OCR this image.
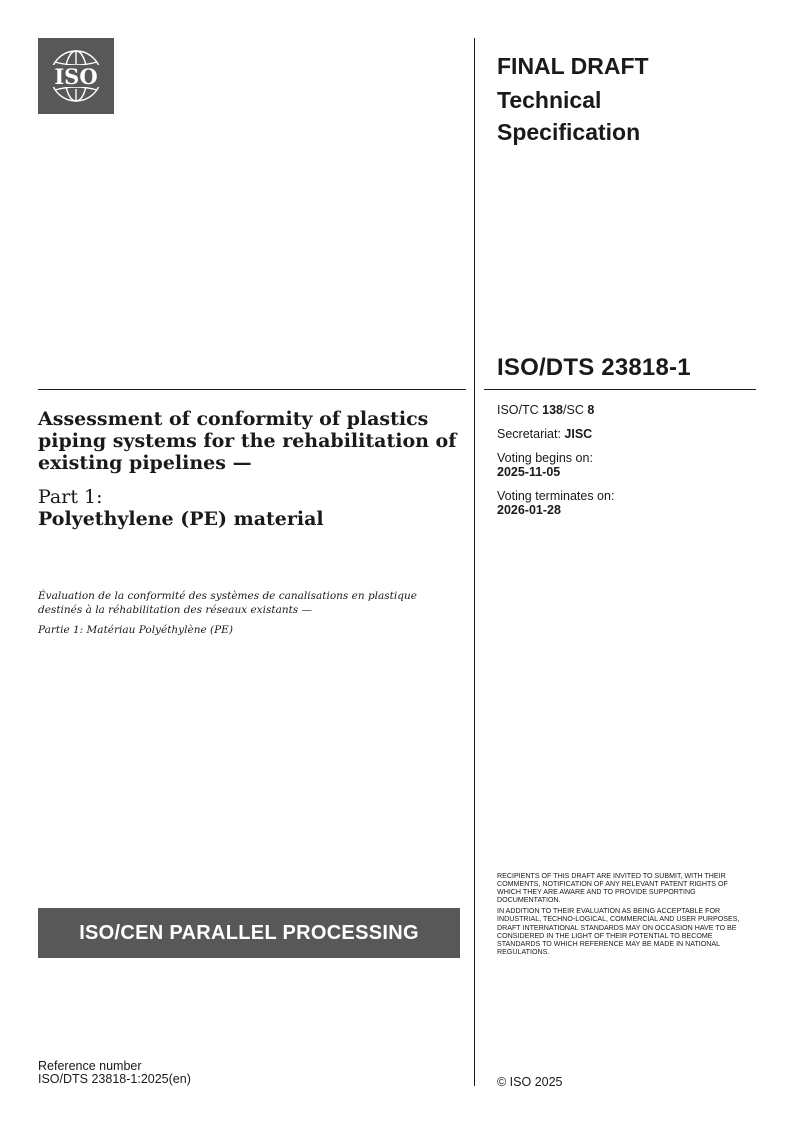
ISO	FINAL DRAFT
Technical
Specification
ISO/DTS 23818-1
ISO/TC 138/SC 8
Secretariat: JISC
Voting begins on:
2025-11-05
Voting terminates on:
2026-01-28
Assessment of conformity of plastics piping systems for the rehabilitation of existing pipelines —
Part 1:
Polyethylene (PE) material
Évaluation de la conformité des systèmes de canalisations en plastique destinés à la réhabilitation des réseaux existants —
Partie 1: Matériau Polyéthylène (PE)
ISO/CEN PARALLEL PROCESSING

RECIPIENTS OF THIS DRAFT ARE INVITED TO SUBMIT, WITH THEIR COMMENTS, NOTIFICATION OF ANY RELEVANT PATENT RIGHTS OF WHICH THEY ARE AWARE AND TO PROVIDE SUPPORTING DOCUMENTATION.

IN ADDITION TO THEIR EVALUATION AS BEING ACCEPTABLE FOR INDUSTRIAL, TECHNO-LOGICAL, COMMERCIAL AND USER PURPOSES, DRAFT INTERNATIONAL STANDARDS MAY ON OCCASION HAVE TO BE CONSIDERED IN THE LIGHT OF THEIR POTENTIAL TO BECOME STANDARDS TO WHICH REFERENCE MAY BE MADE IN NATIONAL REGULATIONS.

Reference number
ISO/DTS 23818-1:2025(en)	© ISO 2025
